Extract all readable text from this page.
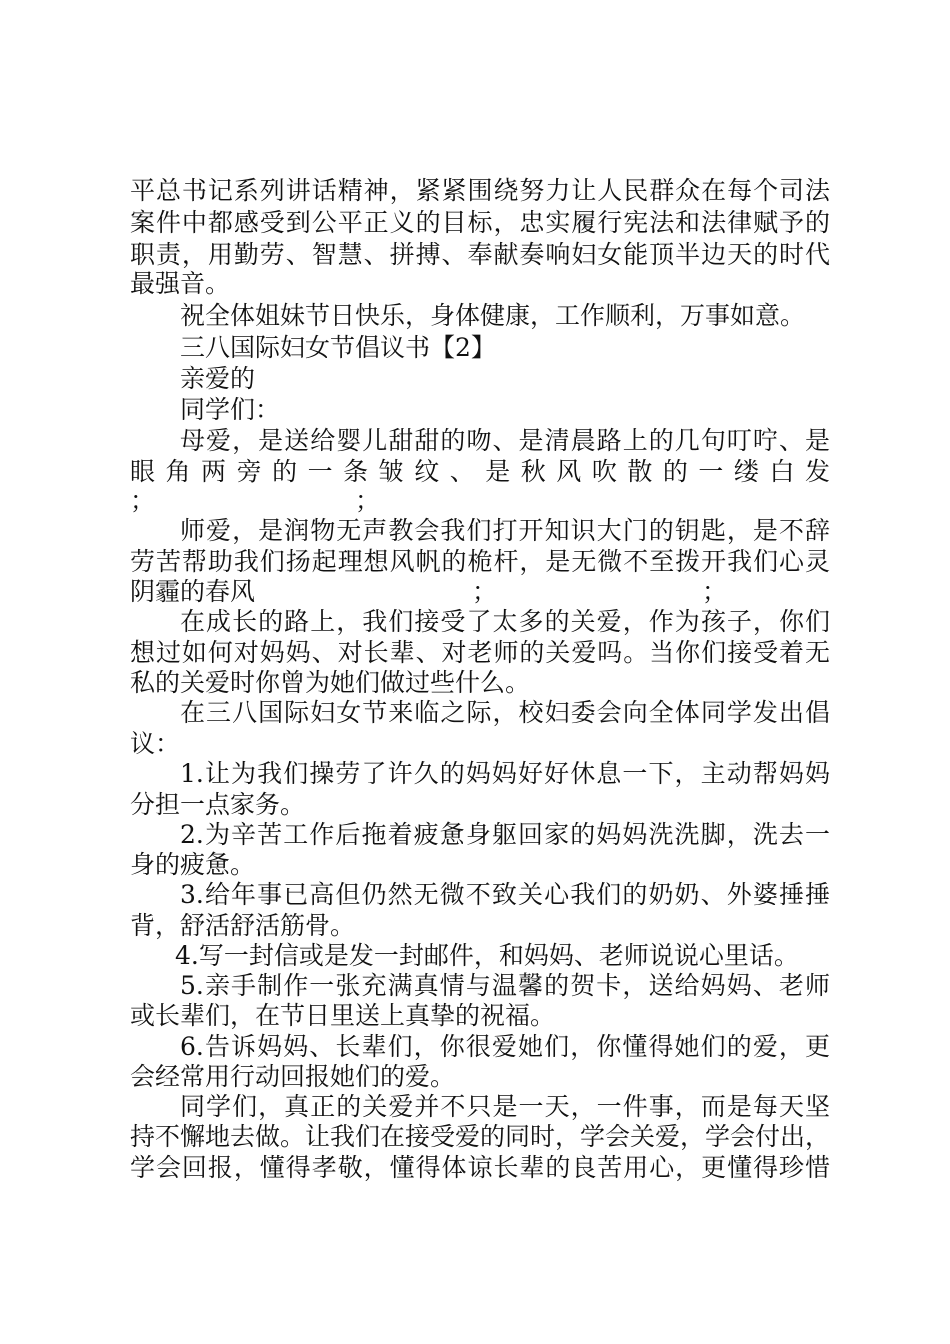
平总书记系列讲话精神，紧紧围绕努力让人民群众在每个司法
案件中都感受到公平正义的目标，忠实履行宪法和法律赋予的
职责，用勤劳、智慧、拼搏、奉献奏响妇女能顶半边天的时代
最强音。
祝全体姐妹节日快乐，身体健康，工作顺利，万事如意。
三八国际妇女节倡议书【2】
亲爱的
同学们：
母爱，是送给婴儿甜甜的吻、是清晨路上的几句叮咛、是
眼角两旁的一条皱纹、是秋风吹散的一缕白发
；	；
师爱，是润物无声教会我们打开知识大门的钥匙，是不辞
劳苦帮助我们扬起理想风帆的桅杆，是无微不至拨开我们心灵
阴霾的春风	；	；
在成长的路上，我们接受了太多的关爱，作为孩子，你们
想过如何对妈妈、对长辈、对老师的关爱吗。当你们接受着无
私的关爱时你曾为她们做过些什么。
在三八国际妇女节来临之际，校妇委会向全体同学发出倡
议：
1.让为我们操劳了许久的妈妈好好休息一下，主动帮妈妈
分担一点家务。
2.为辛苦工作后拖着疲惫身躯回家的妈妈洗洗脚，洗去一
身的疲惫。
3.给年事已高但仍然无微不致关心我们的奶奶、外婆捶捶
背，舒活舒活筋骨。
4.写一封信或是发一封邮件，和妈妈、老师说说心里话。
5.亲手制作一张充满真情与温馨的贺卡，送给妈妈、老师
或长辈们，在节日里送上真挚的祝福。
6.告诉妈妈、长辈们，你很爱她们，你懂得她们的爱，更
会经常用行动回报她们的爱。
同学们，真正的关爱并不只是一天，一件事，而是每天坚
持不懈地去做。让我们在接受爱的同时，学会关爱，学会付出，
学会回报，懂得孝敬，懂得体谅长辈的良苦用心，更懂得珍惜
